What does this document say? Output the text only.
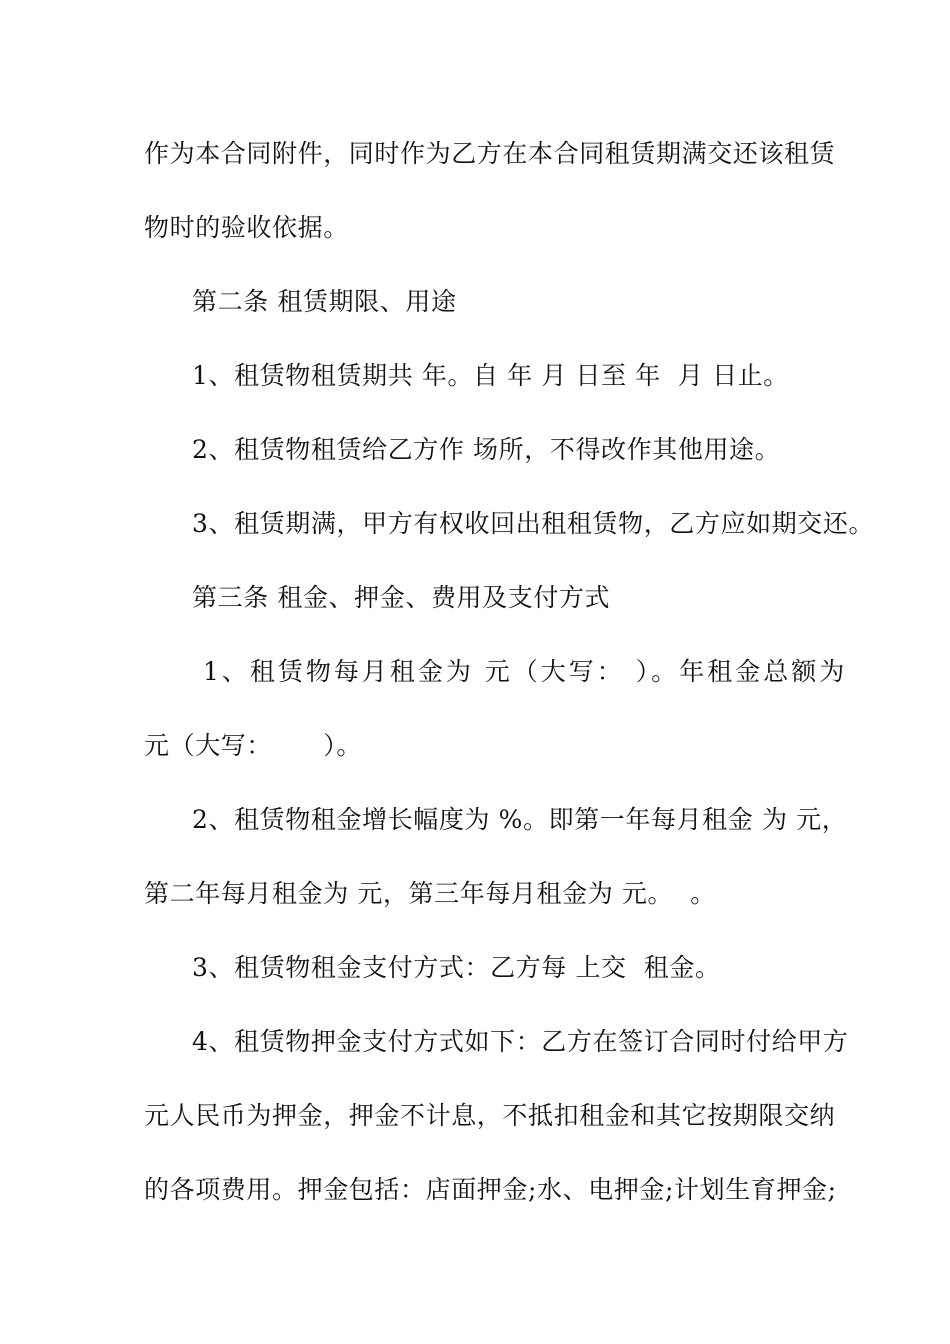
作为本合同附件，同时作为乙方在本合同租赁期满交还该租赁
物时的验收依据。
第二条 租赁期限、用途
1、租赁物租赁期共 年。自 年 月 日至 年  月 日止。
2、租赁物租赁给乙方作 场所，不得改作其他用途。
3、租赁期满，甲方有权收回出租租赁物，乙方应如期交还。
第三条 租金、押金、费用及支付方式
1、租赁物每月租金为 元（大写： ）。年租金总额为
元（大写：      ）。
2、租赁物租金增长幅度为 %。即第一年每月租金 为 元，
第二年每月租金为 元，第三年每月租金为 元。  。
3、租赁物租金支付方式：乙方每 上交  租金。
4、租赁物押金支付方式如下：乙方在签订合同时付给甲方
元人民币为押金，押金不计息，不抵扣租金和其它按期限交纳
的各项费用。押金包括：店面押金;水、电押金;计划生育押金;
